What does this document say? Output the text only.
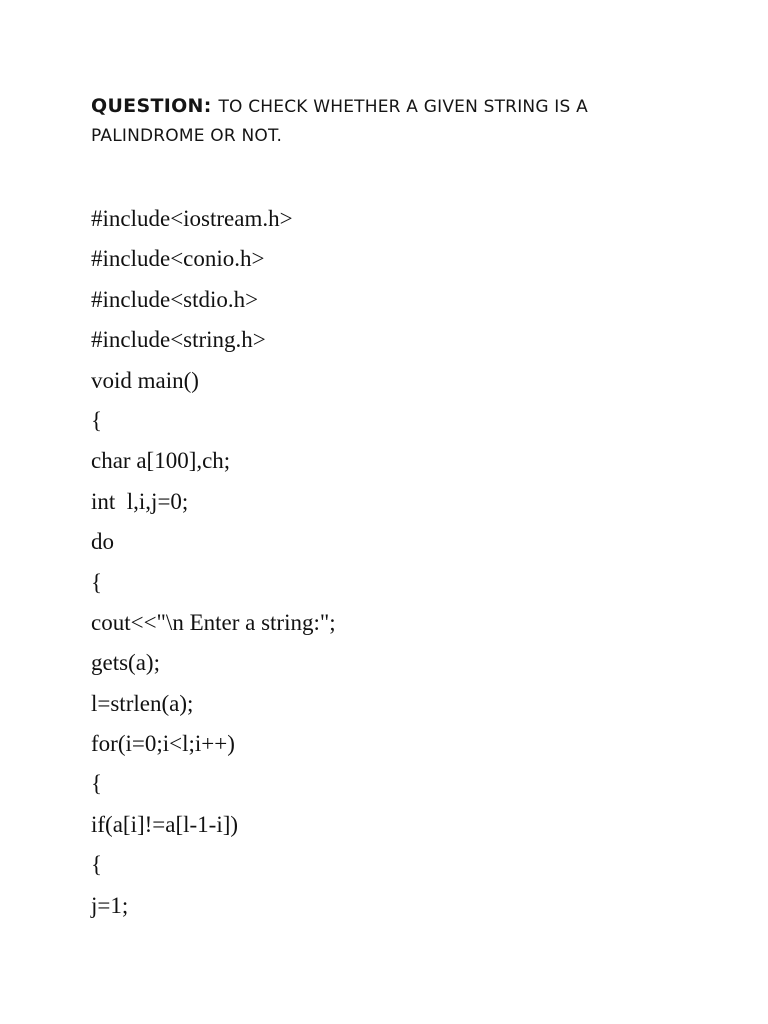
QUESTION: TO CHECK WHETHER A GIVEN STRING IS A PALINDROME OR NOT.
#include<iostream.h>
#include<conio.h>
#include<stdio.h>
#include<string.h>
void main()
{
char a[100],ch;
int  l,i,j=0;
do
{
cout<<"\n Enter a string:";
gets(a);
l=strlen(a);
for(i=0;i<l;i++)
{
if(a[i]!=a[l-1-i])
{
j=1;
